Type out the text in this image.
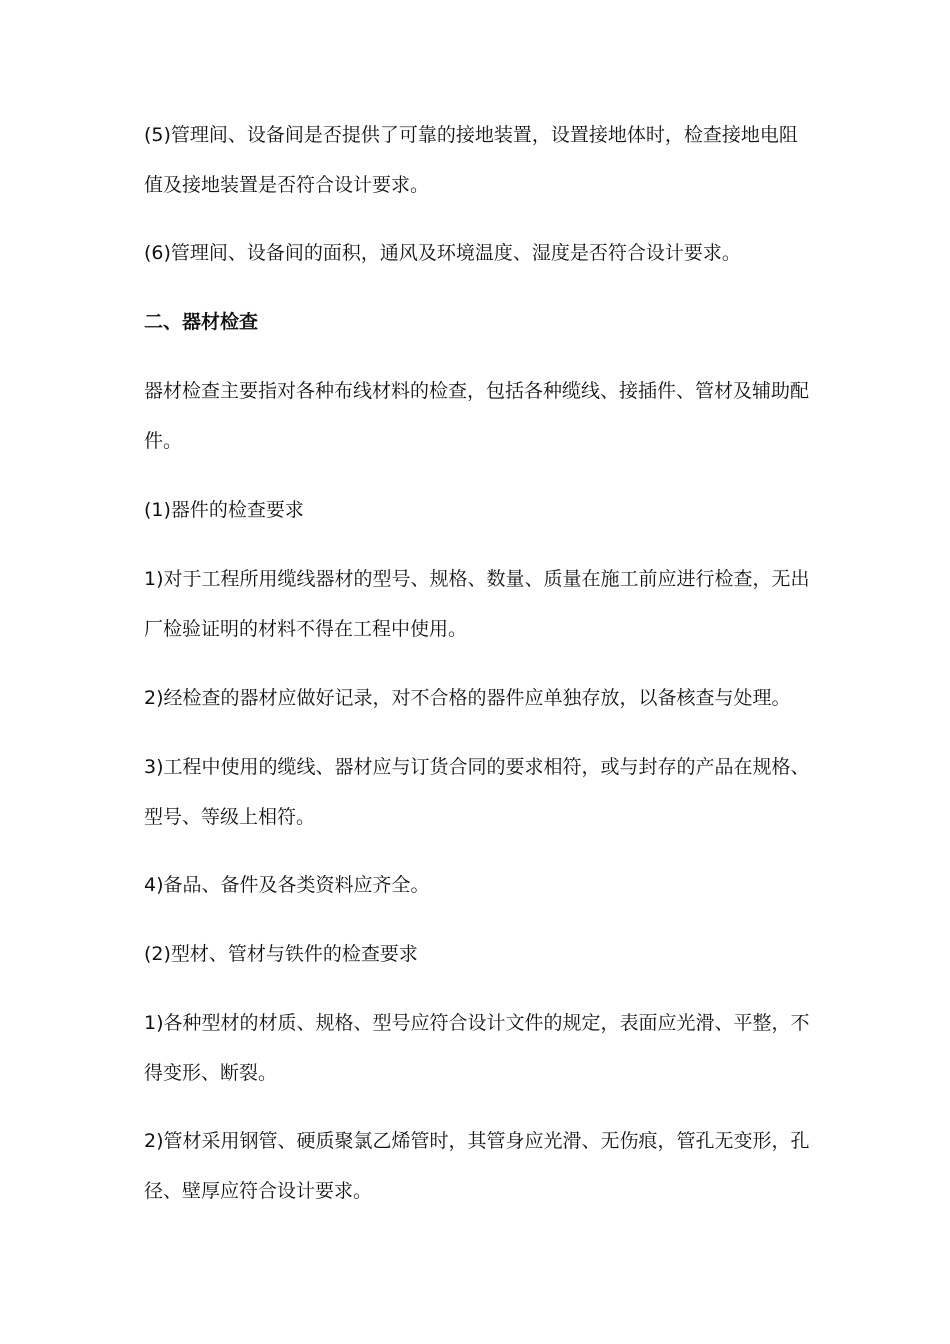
(5)管理间、设备间是否提供了可靠的接地装置，设置接地体时，检查接地电阻值及接地装置是否符合设计要求。

(6)管理间、设备间的面积，通风及环境温度、湿度是否符合设计要求。

二、器材检查

器材检查主要指对各种布线材料的检查，包括各种缆线、接插件、管材及辅助配件。

(1)器件的检查要求

1)对于工程所用缆线器材的型号、规格、数量、质量在施工前应进行检查，无出厂检验证明的材料不得在工程中使用。

2)经检查的器材应做好记录，对不合格的器件应单独存放，以备核查与处理。

3)工程中使用的缆线、器材应与订货合同的要求相符，或与封存的产品在规格、型号、等级上相符。

4)备品、备件及各类资料应齐全。

(2)型材、管材与铁件的检查要求

1)各种型材的材质、规格、型号应符合设计文件的规定，表面应光滑、平整，不得变形、断裂。

2)管材采用钢管、硬质聚氯乙烯管时，其管身应光滑、无伤痕，管孔无变形，孔径、壁厚应符合设计要求。
